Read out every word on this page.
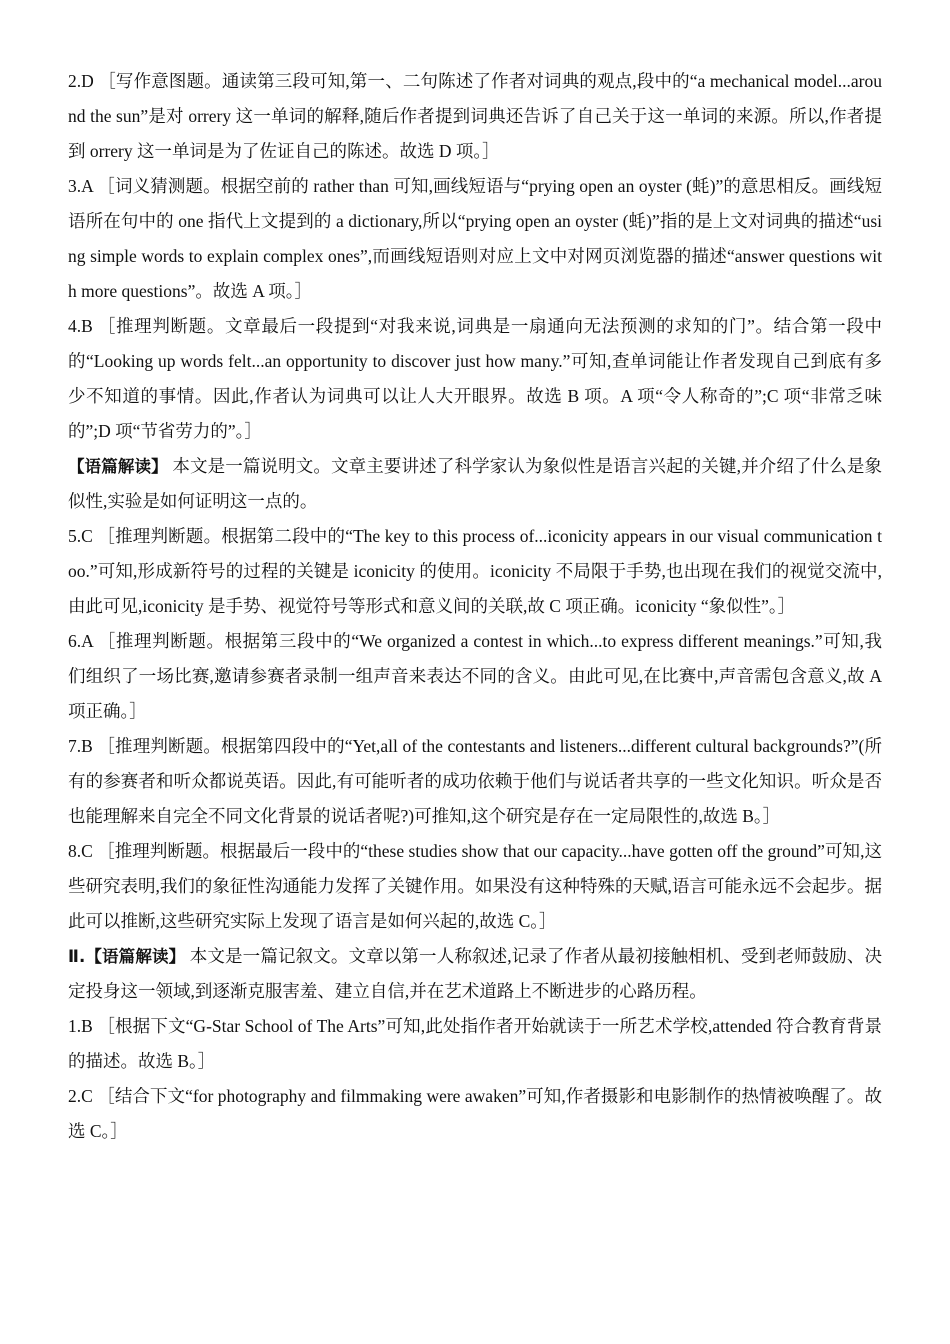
2.D ［写作意图题。通读第三段可知,第一、二句陈述了作者对词典的观点,段中的“a mechanical model...around the sun”是对 orrery 这一单词的解释,随后作者提到词典还告诉了自己关于这一单词的来源。所以,作者提到 orrery 这一单词是为了佐证自己的陈述。故选 D 项。］

3.A ［词义猜测题。根据空前的 rather than 可知,画线短语与“prying open an oyster (蚝)”的意思相反。画线短语所在句中的 one 指代上文提到的 a dictionary,所以“prying open an oyster (蚝)”指的是上文对词典的描述“using simple words to explain complex ones”,而画线短语则对应上文中对网页浏览器的描述“answer questions with more questions”。故选 A 项。］

4.B ［推理判断题。文章最后一段提到“对我来说,词典是一扇通向无法预测的求知的门”。结合第一段中的“Looking up words felt...an opportunity to discover just how many.”可知,查单词能让作者发现自己到底有多少不知道的事情。因此,作者认为词典可以让人大开眼界。故选 B 项。A 项“令人称奇的”;C 项“非常乏味的”;D 项“节省劳力的”。］

【语篇解读】 本文是一篇说明文。文章主要讲述了科学家认为象似性是语言兴起的关键,并介绍了什么是象似性,实验是如何证明这一点的。

5.C ［推理判断题。根据第二段中的“The key to this process of...iconicity appears in our visual communication too.”可知,形成新符号的过程的关键是 iconicity 的使用。iconicity 不局限于手势,也出现在我们的视觉交流中,由此可见,iconicity 是手势、视觉符号等形式和意义间的关联,故 C 项正确。iconicity “象似性”。］

6.A ［推理判断题。根据第三段中的“We organized a contest in which...to express different meanings.”可知,我们组织了一场比赛,邀请参赛者录制一组声音来表达不同的含义。由此可见,在比赛中,声音需包含意义,故 A 项正确。］

7.B ［推理判断题。根据第四段中的“Yet,all of the contestants and listeners...different cultural backgrounds?”(所有的参赛者和听众都说英语。因此,有可能听者的成功依赖于他们与说话者共享的一些文化知识。听众是否也能理解来自完全不同文化背景的说话者呢?)可推知,这个研究是存在一定局限性的,故选 B。］

8.C ［推理判断题。根据最后一段中的“these studies show that our capacity...have gotten off the ground”可知,这些研究表明,我们的象征性沟通能力发挥了关键作用。如果没有这种特殊的天赋,语言可能永远不会起步。据此可以推断,这些研究实际上发现了语言是如何兴起的,故选 C。］

Ⅱ.【语篇解读】 本文是一篇记叙文。文章以第一人称叙述,记录了作者从最初接触相机、受到老师鼓励、决定投身这一领域,到逐渐克服害羞、建立自信,并在艺术道路上不断进步的心路历程。

1.B ［根据下文“G-Star School of The Arts”可知,此处指作者开始就读于一所艺术学校,attended 符合教育背景的描述。故选 B。］

2.C ［结合下文“for photography and filmmaking were awaken”可知,作者摄影和电影制作的热情被唤醒了。故选 C。］
